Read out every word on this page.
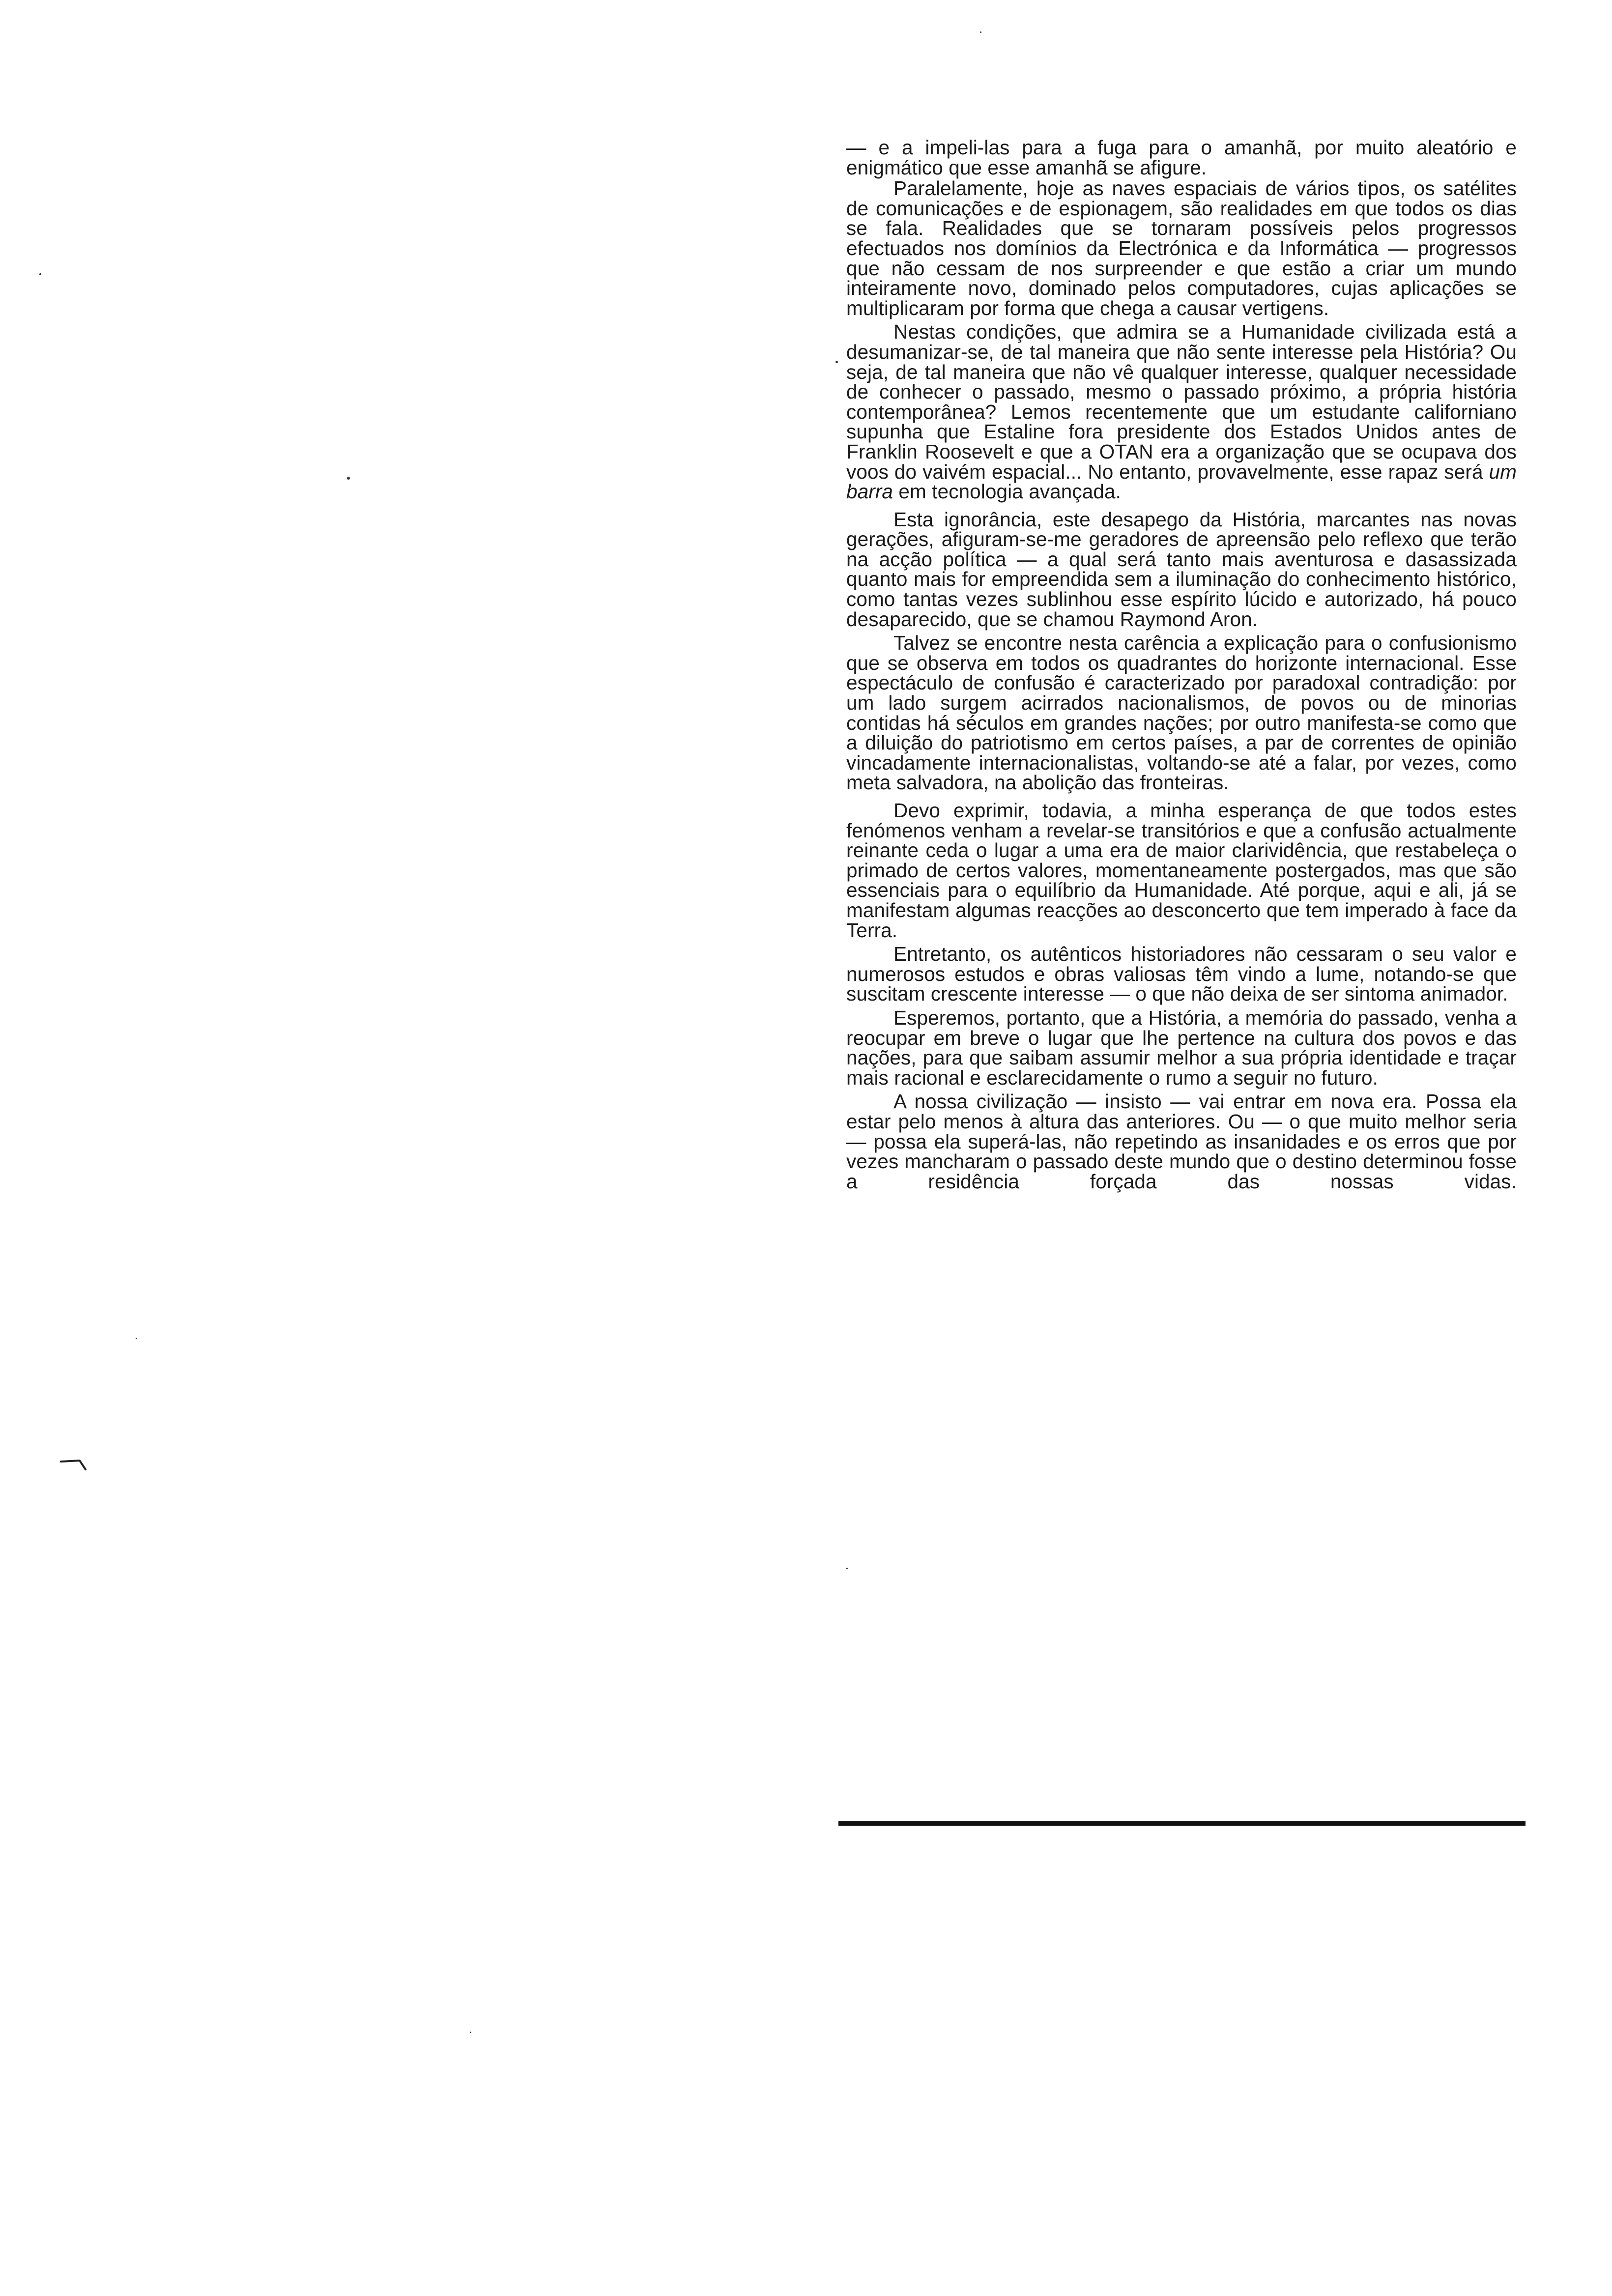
— e a impeli-las para a fuga para o amanhã, por muito aleatório e enigmático que esse amanhã se afigure.

Paralelamente, hoje as naves espaciais de vários tipos, os satélites de comunicações e de espionagem, são realidades em que todos os dias se fala. Realidades que se tornaram possíveis pelos progressos efectuados nos domínios da Electrónica e da Informática — progressos que não cessam de nos surpreender e que estão a criar um mundo inteiramente novo, dominado pelos computadores, cujas aplicações se multiplicaram por forma que chega a causar vertigens.

Nestas condições, que admira se a Humanidade civilizada está a desumanizar-se, de tal maneira que não sente interesse pela História? Ou seja, de tal maneira que não vê qualquer interesse, qualquer necessidade de conhecer o passado, mesmo o passado próximo, a própria história contemporânea? Lemos recentemente que um estudante californiano supunha que Estaline fora presidente dos Estados Unidos antes de Franklin Roosevelt e que a OTAN era a organização que se ocupava dos voos do vaivém espacial... No entanto, provavelmente, esse rapaz será um barra em tecnologia avançada.

Esta ignorância, este desapego da História, marcantes nas novas gerações, afiguram-se-me geradores de apreensão pelo reflexo que terão na acção política — a qual será tanto mais aventurosa e dasassizada quanto mais for empreendida sem a iluminação do conhecimento histórico, como tantas vezes sublinhou esse espírito lúcido e autorizado, há pouco desaparecido, que se chamou Raymond Aron.

Talvez se encontre nesta carência a explicação para o confusionismo que se observa em todos os quadrantes do horizonte internacional. Esse espectáculo de confusão é caracterizado por paradoxal contradição: por um lado surgem acirrados nacionalismos, de povos ou de minorias contidas há séculos em grandes nações; por outro manifesta-se como que a diluição do patriotismo em certos países, a par de correntes de opinião vincadamente internacionalistas, voltando-se até a falar, por vezes, como meta salvadora, na abolição das fronteiras.

Devo exprimir, todavia, a minha esperança de que todos estes fenómenos venham a revelar-se transitórios e que a confusão actualmente reinante ceda o lugar a uma era de maior clarividência, que restabeleça o primado de certos valores, momentaneamente postergados, mas que são essenciais para o equilíbrio da Humanidade. Até porque, aqui e ali, já se manifestam algumas reacções ao desconcerto que tem imperado à face da Terra.

Entretanto, os autênticos historiadores não cessaram o seu valor e numerosos estudos e obras valiosas têm vindo a lume, notando-se que suscitam crescente interesse — o que não deixa de ser sintoma animador.

Esperemos, portanto, que a História, a memória do passado, venha a reocupar em breve o lugar que lhe pertence na cultura dos povos e das nações, para que saibam assumir melhor a sua própria identidade e traçar mais racional e esclarecidamente o rumo a seguir no futuro.

A nossa civilização — insisto — vai entrar em nova era. Possa ela estar pelo menos à altura das anteriores. Ou — o que muito melhor seria — possa ela superá-las, não repetindo as insanidades e os erros que por vezes mancharam o passado deste mundo que o destino determinou fosse a residência forçada das nossas vidas.
